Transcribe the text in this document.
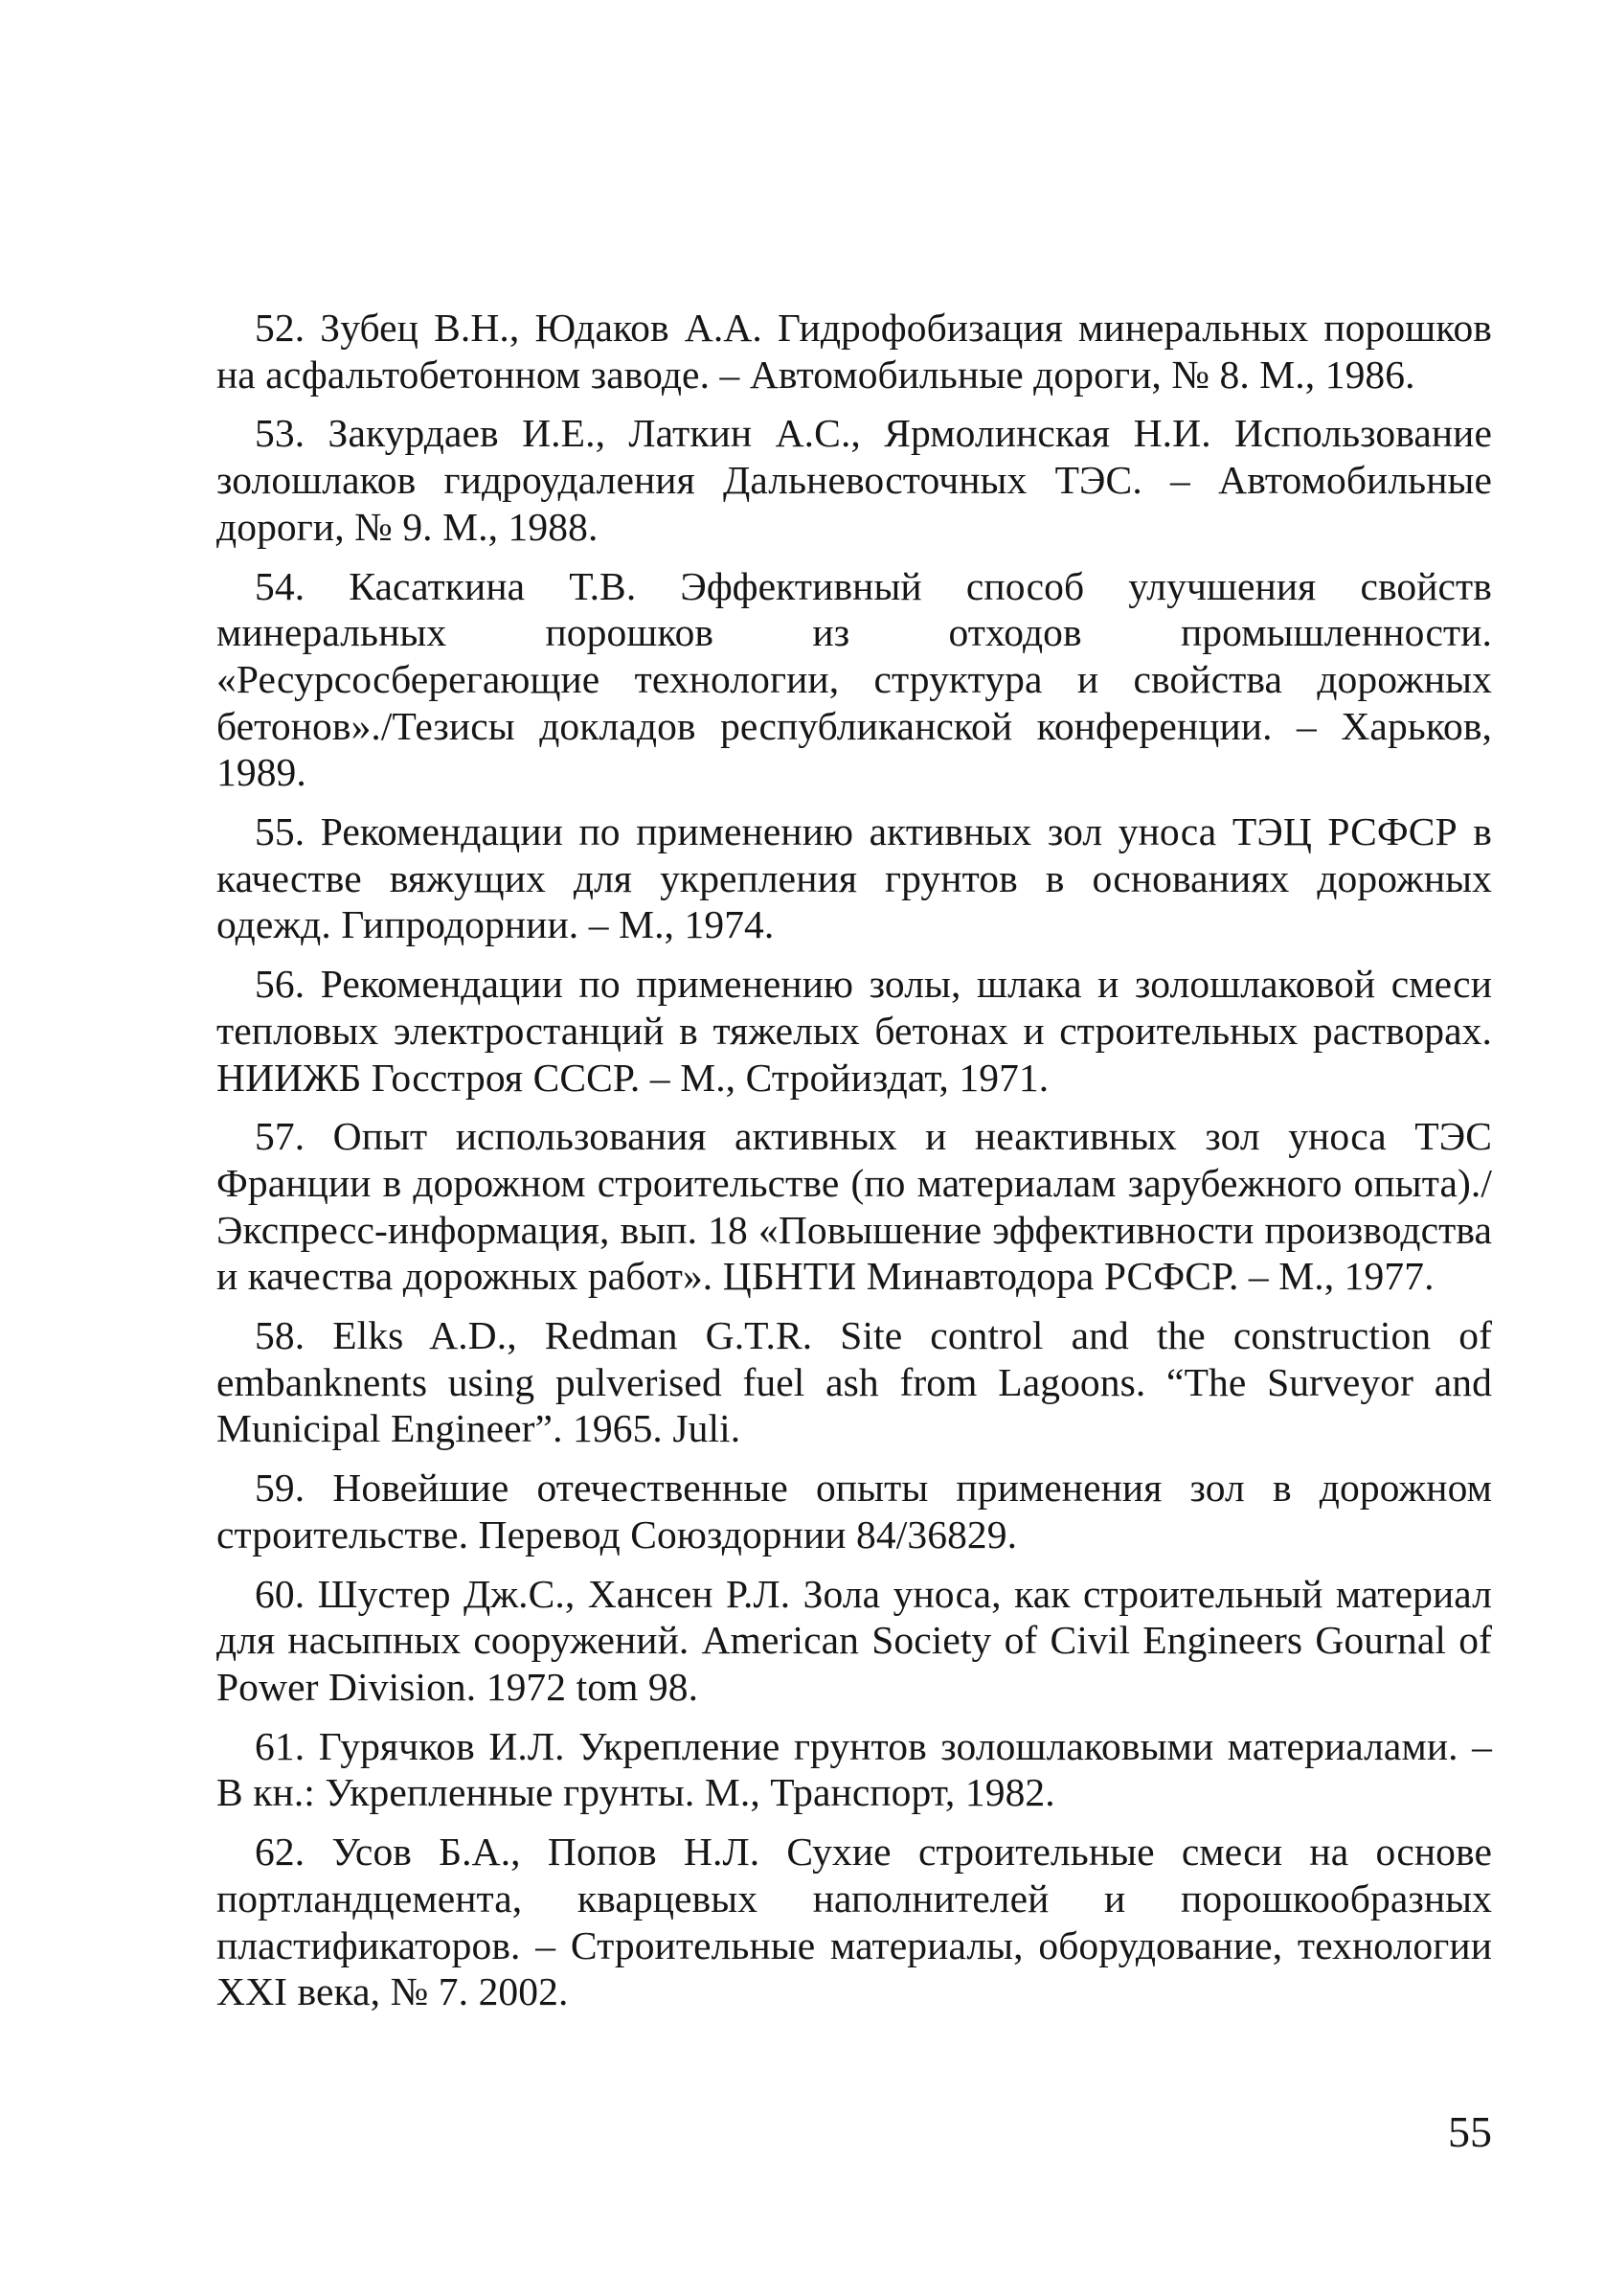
52. Зубец В.Н., Юдаков А.А. Гидрофобизация минеральных порошков на асфальтобетонном заводе. – Автомобильные дороги, № 8. М., 1986.

53. Закурдаев И.Е., Латкин А.С., Ярмолинская Н.И. Использование золошлаков гидроудаления Дальневосточных ТЭС. – Автомобильные дороги, № 9. М., 1988.

54. Касаткина Т.В. Эффективный способ улучшения свойств минеральных порошков из отходов промышленности. «Ресурсосберегающие технологии, структура и свойства дорожных бетонов»./Тезисы докладов республиканской конференции. – Харьков, 1989.

55. Рекомендации по применению активных зол уноса ТЭЦ РСФСР в качестве вяжущих для укрепления грунтов в основаниях дорожных одежд. Гипродорнии. – М., 1974.

56. Рекомендации по применению золы, шлака и золошлаковой смеси тепловых электростанций в тяжелых бетонах и строительных растворах. НИИЖБ Госстроя СССР. – М., Стройиздат, 1971.

57. Опыт использования активных и неактивных зол уноса ТЭС Франции в дорожном строительстве (по материалам зарубежного опыта)./Экспресс-информация, вып. 18 «Повышение эффективности производства и качества дорожных работ». ЦБНТИ Минавтодора РСФСР. – М., 1977.

58. Elks A.D., Redman G.T.R. Site control and the construction of embanknents using pulverised fuel ash from Lagoons. “The Surveyor and Municipal Engineer”. 1965. Juli.

59. Новейшие отечественные опыты применения зол в дорожном строительстве. Перевод Союздорнии 84/36829.

60. Шустер Дж.С., Хансен Р.Л. Зола уноса, как строительный материал для насыпных сооружений. American Society of Civil Engineers Gournal of Power Division. 1972 tom 98.

61. Гурячков И.Л. Укрепление грунтов золошлаковыми материалами. – В кн.: Укрепленные грунты. М., Транспорт, 1982.

62. Усов Б.А., Попов Н.Л. Сухие строительные смеси на основе портландцемента, кварцевых наполнителей и порошкообразных пластификаторов. – Строительные материалы, оборудование, технологии XXI века, № 7. 2002.

55
